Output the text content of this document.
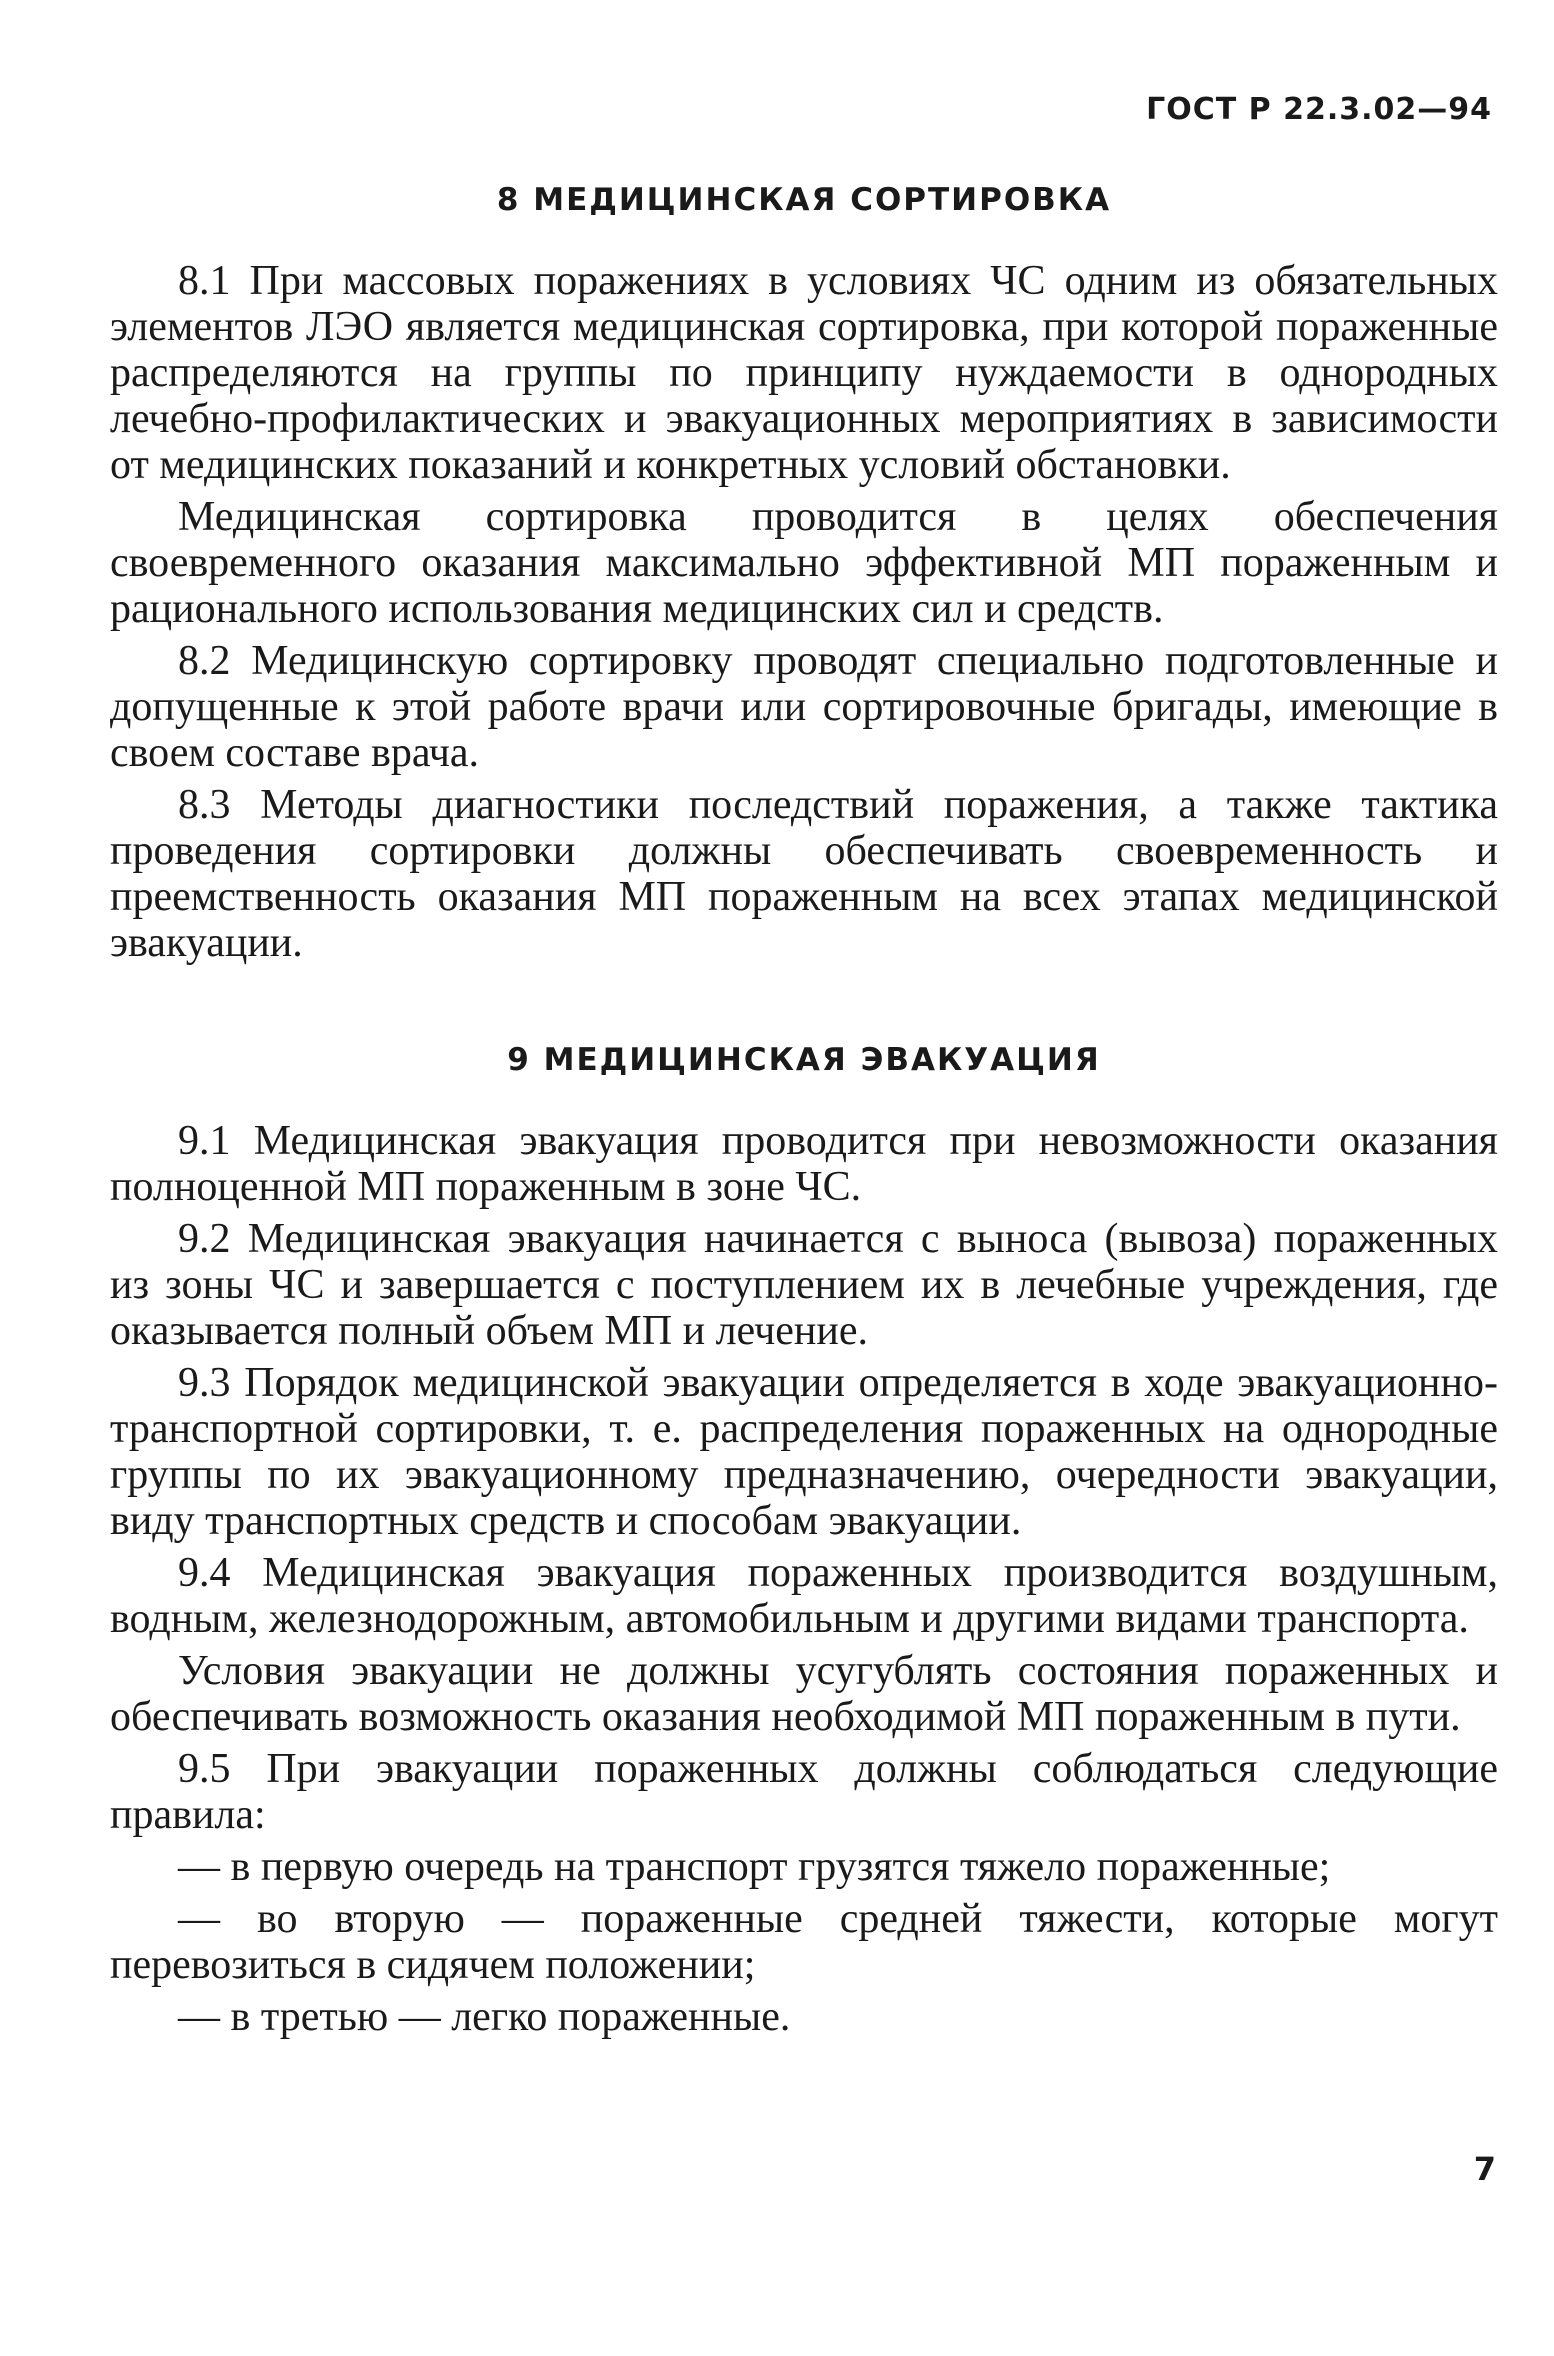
ГОСТ Р 22.3.02—94
8 МЕДИЦИНСКАЯ СОРТИРОВКА

8.1 При массовых поражениях в условиях ЧС одним из обязательных элементов ЛЭО является медицинская сортировка, при которой пораженные распределяются на группы по принципу нуждаемости в однородных лечебно-профилактических и эвакуационных мероприятиях в зависимости от медицинских показаний и конкретных условий обстановки.

Медицинская сортировка проводится в целях обеспечения своевременного оказания максимально эффективной МП пораженным и рационального использования медицинских сил и средств.

8.2 Медицинскую сортировку проводят специально подготовленные и допущенные к этой работе врачи или сортировочные бригады, имеющие в своем составе врача.

8.3 Методы диагностики последствий поражения, а также тактика проведения сортировки должны обеспечивать своевременность и преемственность оказания МП пораженным на всех этапах медицинской эвакуации.

9 МЕДИЦИНСКАЯ ЭВАКУАЦИЯ

9.1 Медицинская эвакуация проводится при невозможности оказания полноценной МП пораженным в зоне ЧС.

9.2 Медицинская эвакуация начинается с выноса (вывоза) пораженных из зоны ЧС и завершается с поступлением их в лечебные учреждения, где оказывается полный объем МП и лечение.

9.3 Порядок медицинской эвакуации определяется в ходе эвакуационно-транспортной сортировки, т. е. распределения пораженных на однородные группы по их эвакуационному предназначению, очередности эвакуации, виду транспортных средств и способам эвакуации.

9.4 Медицинская эвакуация пораженных производится воздушным, водным, железнодорожным, автомобильным и другими видами транспорта.

Условия эвакуации не должны усугублять состояния пораженных и обеспечивать возможность оказания необходимой МП пораженным в пути.

9.5 При эвакуации пораженных должны соблюдаться следующие правила:

— в первую очередь на транспорт грузятся тяжело пораженные;

— во вторую — пораженные средней тяжести, которые могут перевозиться в сидячем положении;

— в третью — легко пораженные.

7
